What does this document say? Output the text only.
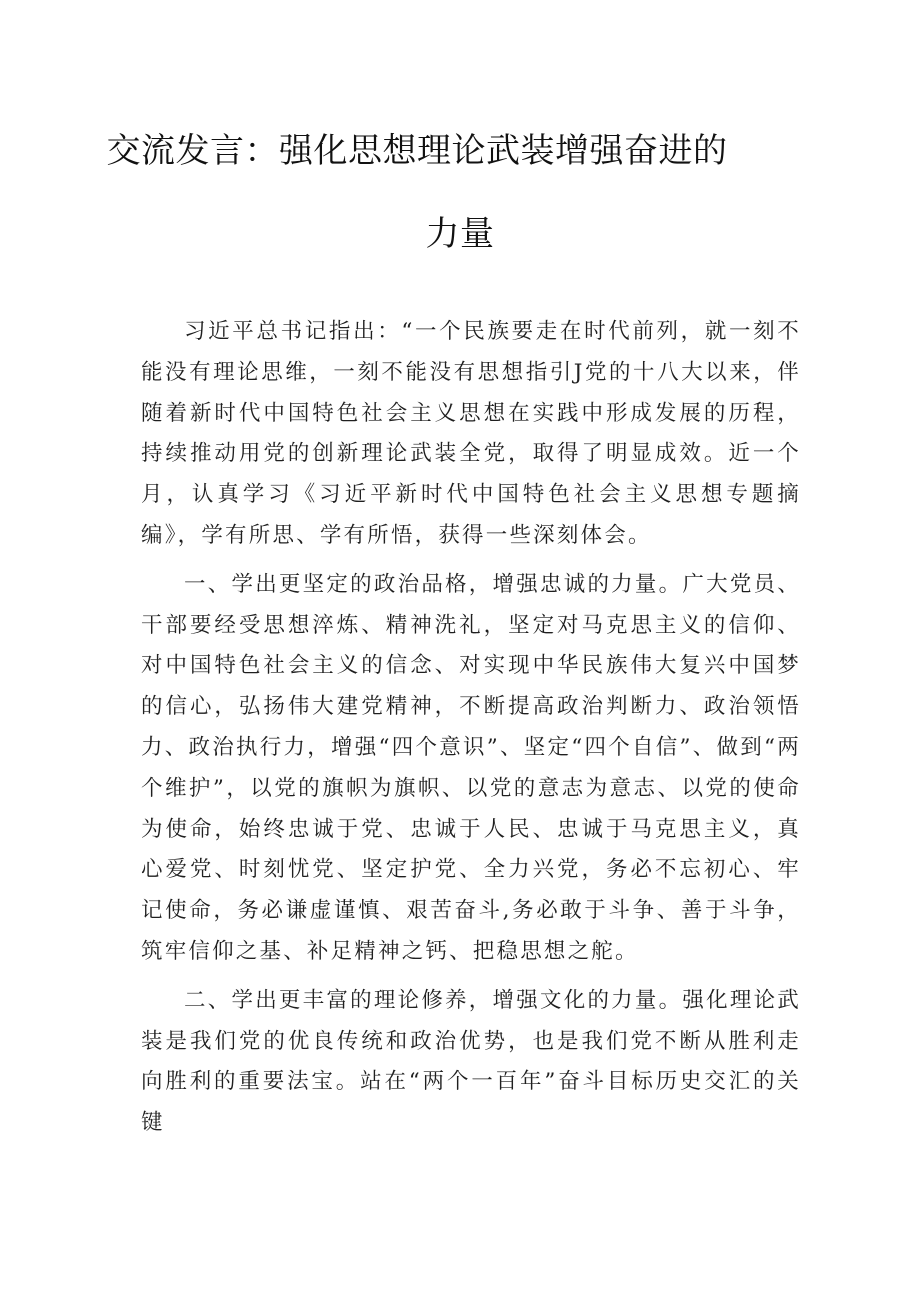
交流发言：强化思想理论武装增强奋进的
力量

习近平总书记指出：“一个民族要走在时代前列，就一刻不能没有理论思维，一刻不能没有思想指引J党的十八大以来，伴随着新时代中国特色社会主义思想在实践中形成发展的历程，持续推动用党的创新理论武装全党，取得了明显成效。近一个月，认真学习《习近平新时代中国特色社会主义思想专题摘编》，学有所思、学有所悟，获得一些深刻体会。

一、学出更坚定的政治品格，增强忠诚的力量。广大党员、干部要经受思想淬炼、精神洗礼，坚定对马克思主义的信仰、对中国特色社会主义的信念、对实现中华民族伟大复兴中国梦的信心，弘扬伟大建党精神，不断提高政治判断力、政治领悟力、政治执行力，增强“四个意识”、坚定“四个自信”、做到“两个维护”，以党的旗帜为旗帜、以党的意志为意志、以党的使命为使命，始终忠诚于党、忠诚于人民、忠诚于马克思主义，真心爱党、时刻忧党、坚定护党、全力兴党，务必不忘初心、牢记使命，务必谦虚谨慎、艰苦奋斗,务必敢于斗争、善于斗争，筑牢信仰之基、补足精神之钙、把稳思想之舵。

二、学出更丰富的理论修养，增强文化的力量。强化理论武装是我们党的优良传统和政治优势，也是我们党不断从胜利走向胜利的重要法宝。站在“两个一百年”奋斗目标历史交汇的关键
